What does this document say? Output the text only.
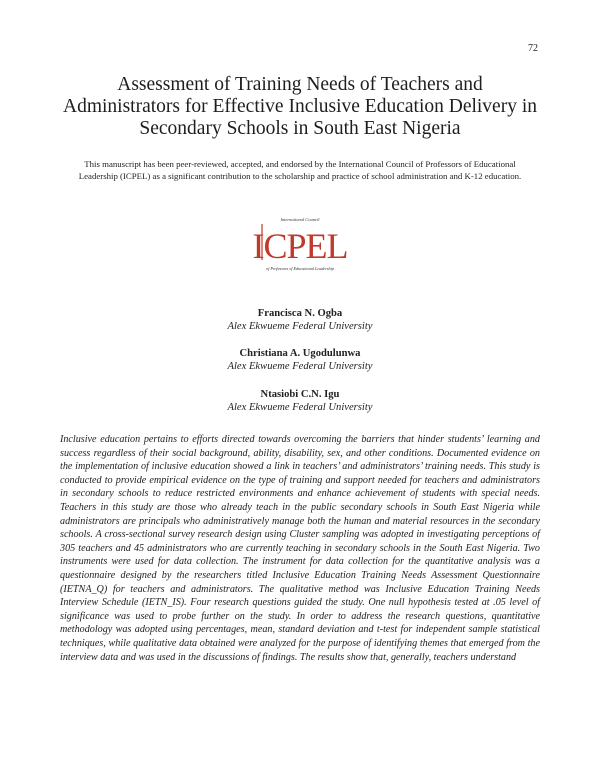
72
Assessment of Training Needs of Teachers and Administrators for Effective Inclusive Education Delivery in Secondary Schools in South East Nigeria
This manuscript has been peer-reviewed, accepted, and endorsed by the International Council of Professors of Educational Leadership (ICPEL) as a significant contribution to the scholarship and practice of school administration and K-12 education.
International Council
ICPEL
of Professors of Educational Leadership
Francisca N. Ogba
Alex Ekwueme Federal University
Christiana A. Ugodulunwa
Alex Ekwueme Federal University
Ntasiobi C.N. Igu
Alex Ekwueme Federal University
Inclusive education pertains to efforts directed towards overcoming the barriers that hinder students’ learning and success regardless of their social background, ability, disability, sex, and other conditions. Documented evidence on the implementation of inclusive education showed a link in teachers’ and administrators’ training needs. This study is conducted to provide empirical evidence on the type of training and support needed for teachers and administrators in secondary schools to reduce restricted environments and enhance achievement of students with special needs. Teachers in this study are those who already teach in the public secondary schools in South East Nigeria while administrators are principals who administratively manage both the human and material resources in the secondary schools. A cross-sectional survey research design using Cluster sampling was adopted in investigating perceptions of 305 teachers and 45 administrators who are currently teaching in secondary schools in the South East Nigeria. Two instruments were used for data collection. The instrument for data collection for the quantitative analysis was a questionnaire designed by the researchers titled Inclusive Education Training Needs Assessment Questionnaire (IETNA_Q) for teachers and administrators. The qualitative method was Inclusive Education Training Needs Interview Schedule (IETN_IS). Four research questions guided the study. One null hypothesis tested at .05 level of significance was used to probe further on the study. In order to address the research questions, quantitative methodology was adopted using percentages, mean, standard deviation and t-test for independent sample statistical techniques, while qualitative data obtained were analyzed for the purpose of identifying themes that emerged from the interview data and was used in the discussions of findings. The results show that, generally, teachers understand
